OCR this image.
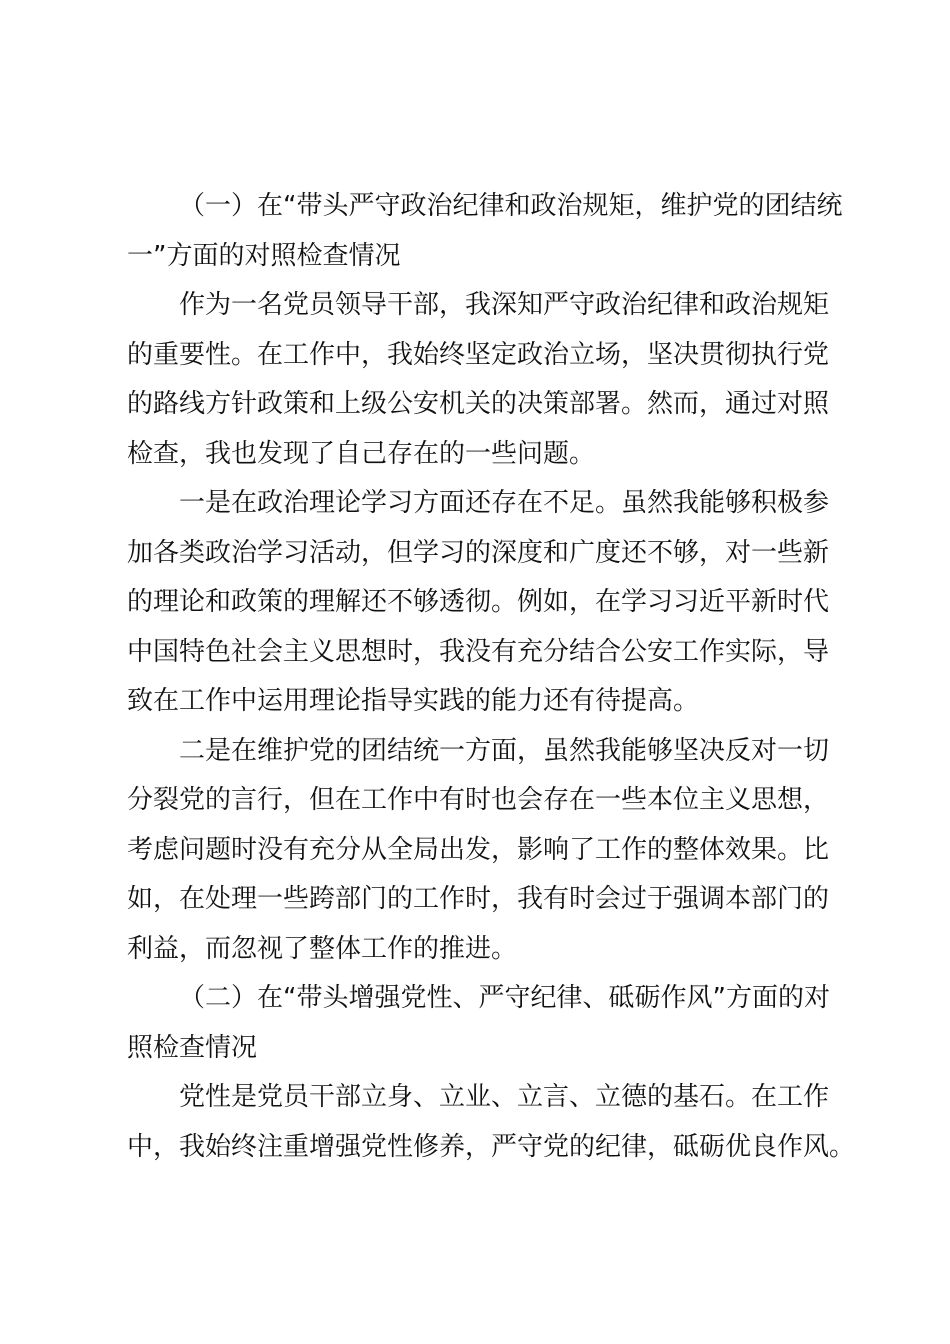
（一）在“带头严守政治纪律和政治规矩，维护党的团结统
一”方面的对照检查情况
作为一名党员领导干部，我深知严守政治纪律和政治规矩
的重要性。在工作中，我始终坚定政治立场，坚决贯彻执行党
的路线方针政策和上级公安机关的决策部署。然而，通过对照
检查，我也发现了自己存在的一些问题。
一是在政治理论学习方面还存在不足。虽然我能够积极参
加各类政治学习活动，但学习的深度和广度还不够，对一些新
的理论和政策的理解还不够透彻。例如，在学习习近平新时代
中国特色社会主义思想时，我没有充分结合公安工作实际，导
致在工作中运用理论指导实践的能力还有待提高。
二是在维护党的团结统一方面，虽然我能够坚决反对一切
分裂党的言行，但在工作中有时也会存在一些本位主义思想，
考虑问题时没有充分从全局出发，影响了工作的整体效果。比
如，在处理一些跨部门的工作时，我有时会过于强调本部门的
利益，而忽视了整体工作的推进。
（二）在“带头增强党性、严守纪律、砥砺作风”方面的对
照检查情况
党性是党员干部立身、立业、立言、立德的基石。在工作
中，我始终注重增强党性修养，严守党的纪律，砥砺优良作风。
